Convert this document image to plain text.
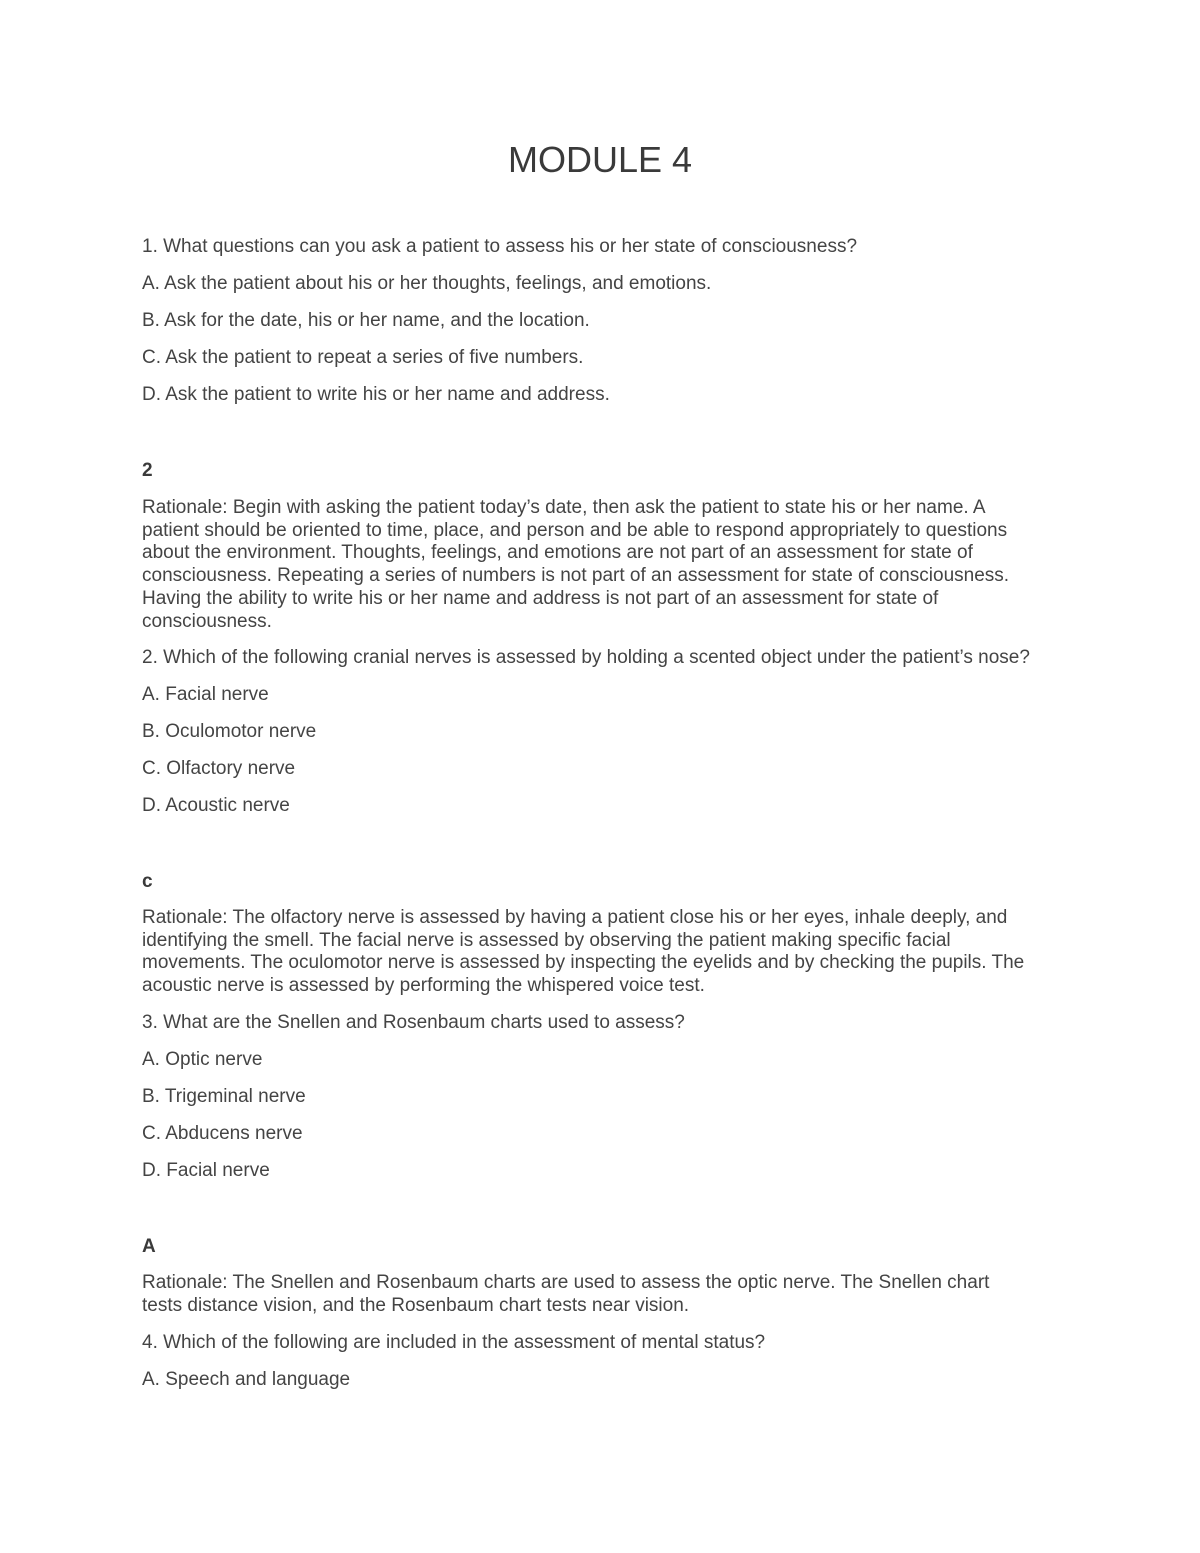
MODULE 4

1. What questions can you ask a patient to assess his or her state of consciousness?

A. Ask the patient about his or her thoughts, feelings, and emotions.

B. Ask for the date, his or her name, and the location.

C. Ask the patient to repeat a series of five numbers.

D. Ask the patient to write his or her name and address.

2

Rationale: Begin with asking the patient today’s date, then ask the patient to state his or her name. A

patient should be oriented to time, place, and person and be able to respond appropriately to questions

about the environment. Thoughts, feelings, and emotions are not part of an assessment for state of

consciousness. Repeating a series of numbers is not part of an assessment for state of consciousness.

Having the ability to write his or her name and address is not part of an assessment for state of

consciousness.

2. Which of the following cranial nerves is assessed by holding a scented object under the patient’s nose?

A. Facial nerve

B. Oculomotor nerve

C. Olfactory nerve

D. Acoustic nerve

c

Rationale: The olfactory nerve is assessed by having a patient close his or her eyes, inhale deeply, and

identifying the smell. The facial nerve is assessed by observing the patient making specific facial

movements. The oculomotor nerve is assessed by inspecting the eyelids and by checking the pupils. The

acoustic nerve is assessed by performing the whispered voice test.

3. What are the Snellen and Rosenbaum charts used to assess?

A. Optic nerve

B. Trigeminal nerve

C. Abducens nerve

D. Facial nerve

A

Rationale: The Snellen and Rosenbaum charts are used to assess the optic nerve. The Snellen chart

tests distance vision, and the Rosenbaum chart tests near vision.

4. Which of the following are included in the assessment of mental status?

A. Speech and language
